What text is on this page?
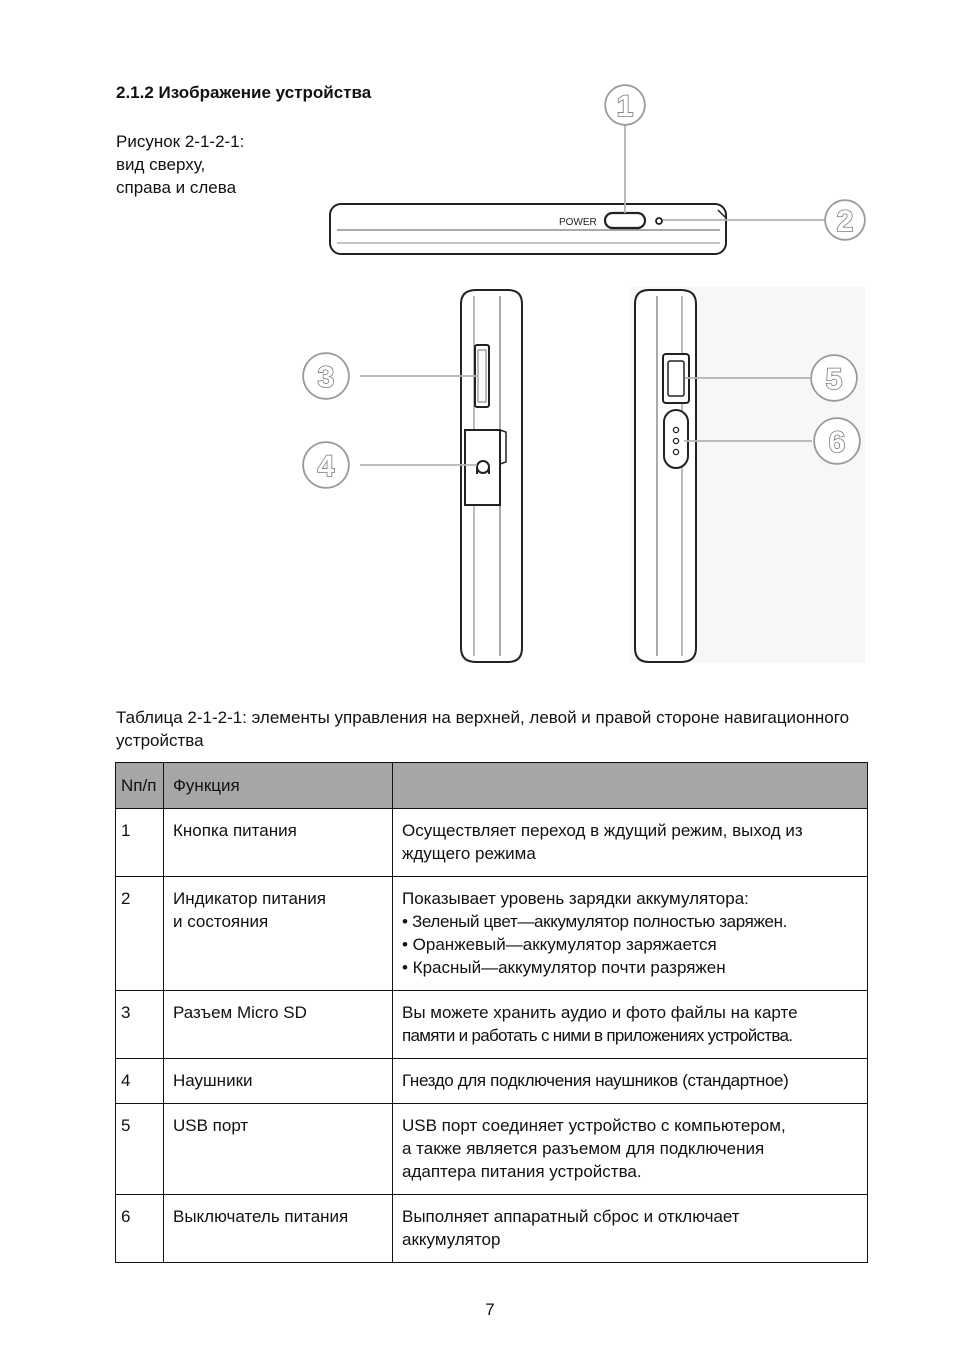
2.1.2 Изображение устройства
Рисунок 2-1-2-1:
вид сверху,
справа и слева
POWER
1
2
3
4
5
6
Таблица 2-1-2-1: элементы управления на верхней, левой и правой стороне навигационного устройства
Nп/п	Функция	
1	Кнопка питания	Осуществляет переход в ждущий режим, выход из
ждущего режима

2	Индикатор питания
и состояния	Показывает уровень зарядки аккумулятора:
• Зеленый цвет—аккумулятор полностью заряжен.
• Оранжевый—аккумулятор заряжается
• Красный—аккумулятор почти разряжен

3	Разъем Micro SD	Вы можете хранить аудио и фото файлы на карте
памяти и работать с ними в приложениях устройства.

4	Наушники	Гнездо для подключения наушников (стандартное)

5	USB порт	USB порт соединяет устройство с компьютером,
а также является разъемом для подключения
адаптера питания устройства.

6	Выключатель питания	Выполняет аппаратный сброс и отключает
аккумулятор
7
